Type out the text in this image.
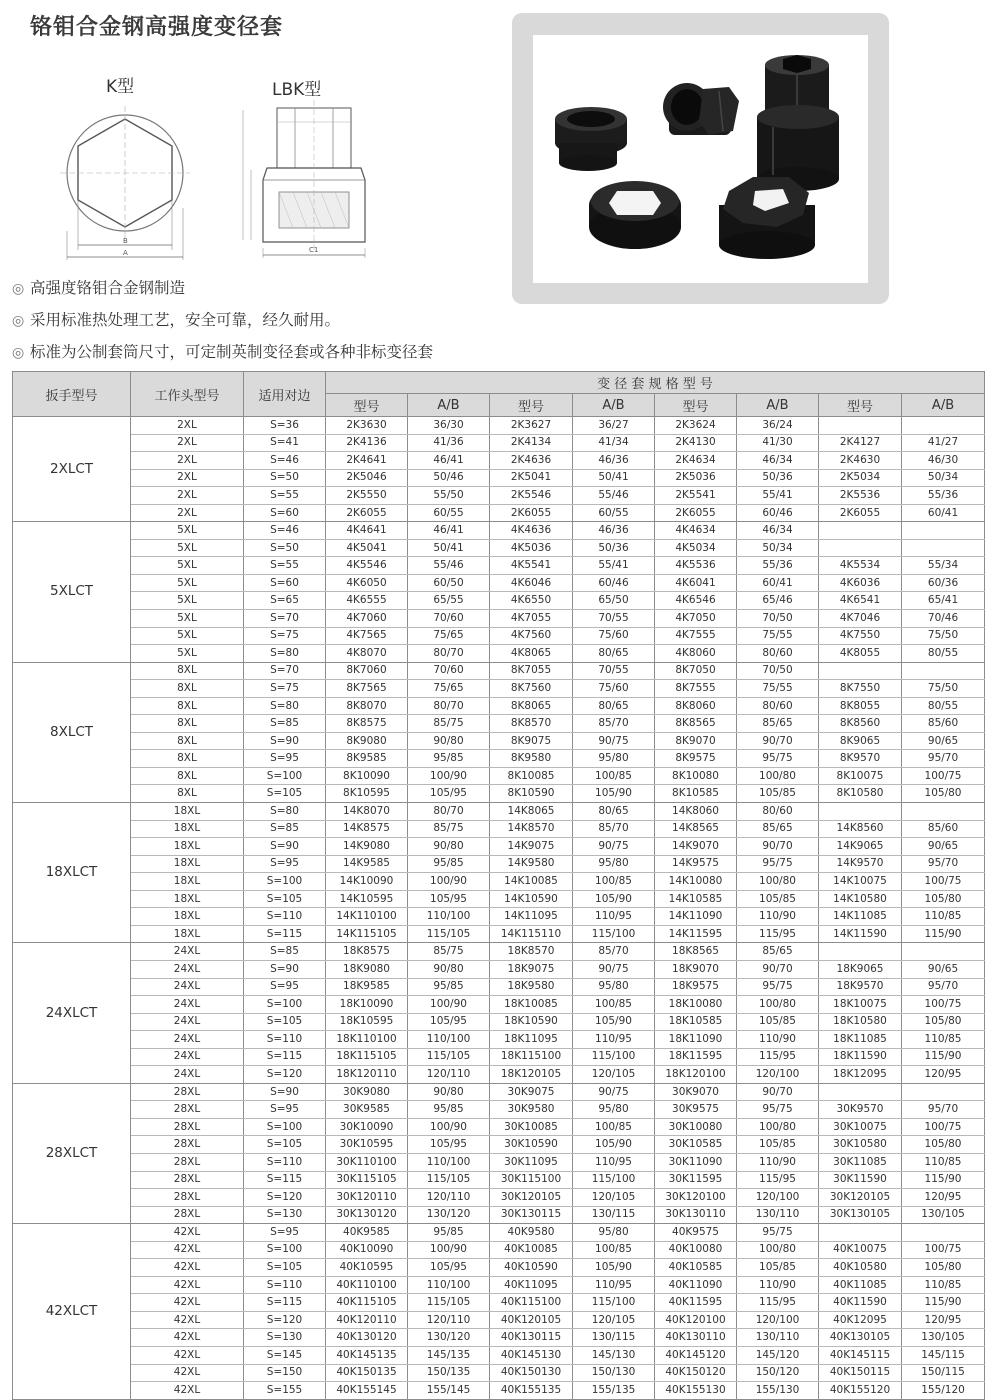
铬钼合金钢高强度变径套
K型
B
A
LBK型
C1
◎ 高强度铬钼合金钢制造
◎ 采用标准热处理工艺，安全可靠，经久耐用。
◎ 标准为公制套筒尺寸，可定制英制变径套或各种非标变径套
扳手型号	工作头型号	适用对边	变 径 套 规 格 型 号							
			型号	A/B	型号	A/B	型号	A/B	型号	A/B
2XLCT	2XL	S=36	2K3630	36/30	2K3627	36/27	2K3624	36/24		
	2XL	S=41	2K4136	41/36	2K4134	41/34	2K4130	41/30	2K4127	41/27
	2XL	S=46	2K4641	46/41	2K4636	46/36	2K4634	46/34	2K4630	46/30
	2XL	S=50	2K5046	50/46	2K5041	50/41	2K5036	50/36	2K5034	50/34
	2XL	S=55	2K5550	55/50	2K5546	55/46	2K5541	55/41	2K5536	55/36
	2XL	S=60	2K6055	60/55	2K6055	60/55	2K6055	60/46	2K6055	60/41
5XLCT	5XL	S=46	4K4641	46/41	4K4636	46/36	4K4634	46/34		
	5XL	S=50	4K5041	50/41	4K5036	50/36	4K5034	50/34		
	5XL	S=55	4K5546	55/46	4K5541	55/41	4K5536	55/36	4K5534	55/34
	5XL	S=60	4K6050	60/50	4K6046	60/46	4K6041	60/41	4K6036	60/36
	5XL	S=65	4K6555	65/55	4K6550	65/50	4K6546	65/46	4K6541	65/41
	5XL	S=70	4K7060	70/60	4K7055	70/55	4K7050	70/50	4K7046	70/46
	5XL	S=75	4K7565	75/65	4K7560	75/60	4K7555	75/55	4K7550	75/50
	5XL	S=80	4K8070	80/70	4K8065	80/65	4K8060	80/60	4K8055	80/55
8XLCT	8XL	S=70	8K7060	70/60	8K7055	70/55	8K7050	70/50		
	8XL	S=75	8K7565	75/65	8K7560	75/60	8K7555	75/55	8K7550	75/50
	8XL	S=80	8K8070	80/70	8K8065	80/65	8K8060	80/60	8K8055	80/55
	8XL	S=85	8K8575	85/75	8K8570	85/70	8K8565	85/65	8K8560	85/60
	8XL	S=90	8K9080	90/80	8K9075	90/75	8K9070	90/70	8K9065	90/65
	8XL	S=95	8K9585	95/85	8K9580	95/80	8K9575	95/75	8K9570	95/70
	8XL	S=100	8K10090	100/90	8K10085	100/85	8K10080	100/80	8K10075	100/75
	8XL	S=105	8K10595	105/95	8K10590	105/90	8K10585	105/85	8K10580	105/80
18XLCT	18XL	S=80	14K8070	80/70	14K8065	80/65	14K8060	80/60		
	18XL	S=85	14K8575	85/75	14K8570	85/70	14K8565	85/65	14K8560	85/60
	18XL	S=90	14K9080	90/80	14K9075	90/75	14K9070	90/70	14K9065	90/65
	18XL	S=95	14K9585	95/85	14K9580	95/80	14K9575	95/75	14K9570	95/70
	18XL	S=100	14K10090	100/90	14K10085	100/85	14K10080	100/80	14K10075	100/75
	18XL	S=105	14K10595	105/95	14K10590	105/90	14K10585	105/85	14K10580	105/80
	18XL	S=110	14K110100	110/100	14K11095	110/95	14K11090	110/90	14K11085	110/85
	18XL	S=115	14K115105	115/105	14K115110	115/100	14K11595	115/95	14K11590	115/90
24XLCT	24XL	S=85	18K8575	85/75	18K8570	85/70	18K8565	85/65		
	24XL	S=90	18K9080	90/80	18K9075	90/75	18K9070	90/70	18K9065	90/65
	24XL	S=95	18K9585	95/85	18K9580	95/80	18K9575	95/75	18K9570	95/70
	24XL	S=100	18K10090	100/90	18K10085	100/85	18K10080	100/80	18K10075	100/75
	24XL	S=105	18K10595	105/95	18K10590	105/90	18K10585	105/85	18K10580	105/80
	24XL	S=110	18K110100	110/100	18K11095	110/95	18K11090	110/90	18K11085	110/85
	24XL	S=115	18K115105	115/105	18K115100	115/100	18K11595	115/95	18K11590	115/90
	24XL	S=120	18K120110	120/110	18K120105	120/105	18K120100	120/100	18K12095	120/95
28XLCT	28XL	S=90	30K9080	90/80	30K9075	90/75	30K9070	90/70		
	28XL	S=95	30K9585	95/85	30K9580	95/80	30K9575	95/75	30K9570	95/70
	28XL	S=100	30K10090	100/90	30K10085	100/85	30K10080	100/80	30K10075	100/75
	28XL	S=105	30K10595	105/95	30K10590	105/90	30K10585	105/85	30K10580	105/80
	28XL	S=110	30K110100	110/100	30K11095	110/95	30K11090	110/90	30K11085	110/85
	28XL	S=115	30K115105	115/105	30K115100	115/100	30K11595	115/95	30K11590	115/90
	28XL	S=120	30K120110	120/110	30K120105	120/105	30K120100	120/100	30K120105	120/95
	28XL	S=130	30K130120	130/120	30K130115	130/115	30K130110	130/110	30K130105	130/105
42XLCT	42XL	S=95	40K9585	95/85	40K9580	95/80	40K9575	95/75		
	42XL	S=100	40K10090	100/90	40K10085	100/85	40K10080	100/80	40K10075	100/75
	42XL	S=105	40K10595	105/95	40K10590	105/90	40K10585	105/85	40K10580	105/80
	42XL	S=110	40K110100	110/100	40K11095	110/95	40K11090	110/90	40K11085	110/85
	42XL	S=115	40K115105	115/105	40K115100	115/100	40K11595	115/95	40K11590	115/90
	42XL	S=120	40K120110	120/110	40K120105	120/105	40K120100	120/100	40K12095	120/95
	42XL	S=130	40K130120	130/120	40K130115	130/115	40K130110	130/110	40K130105	130/105
	42XL	S=145	40K145135	145/135	40K145130	145/130	40K145120	145/120	40K145115	145/115
	42XL	S=150	40K150135	150/135	40K150130	150/130	40K150120	150/120	40K150115	150/115
	42XL	S=155	40K155145	155/145	40K155135	155/135	40K155130	155/130	40K155120	155/120
